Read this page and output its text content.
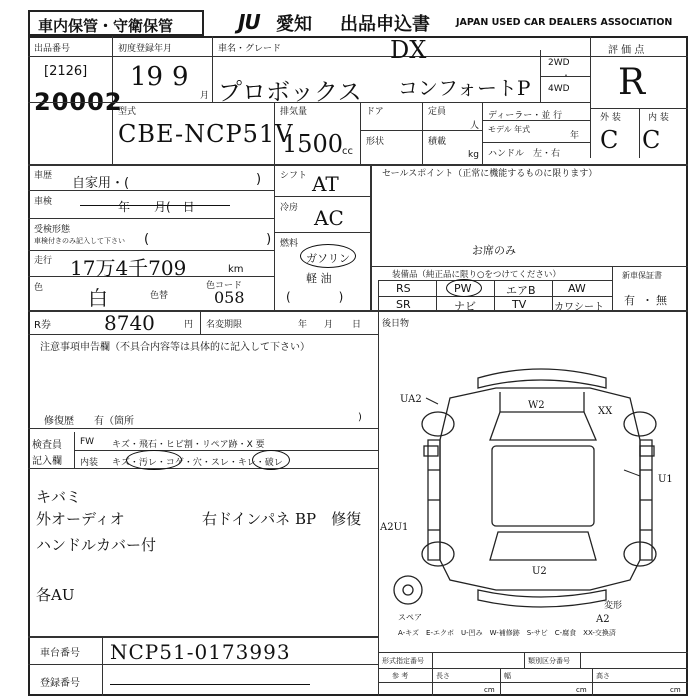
車内保管・守衛保管	JU 愛知 出品申込書	JAPAN USED CAR DEALERS ASSOCIATION
出品番号
[2126]
20002
初度登録年月
19 9
月
車名・グレード
プロボックス
DX
コンフォートP
2WD
・
4WD
評 価 点
R
型式
CBE-NCP51V
排気量
1500
cc
ドア
形状
定員
人
積載
kg
ディーラー・並 行
モデル 年式
年
ハンドル　左・右
外 装	内 装
C C
車歴 自家用・(	)
車検	年　　月(　日
受検形態
車検付きのみ記入して下さい (　　　　　　　　　)
走行 17万4千709	km
色 白	色替
色コード
058
シフト AT
冷房 AC
燃料
ガソリン
軽 油
(　　　　)
セールスポイント（正常に機能するものに限ります）
装備品（純正品に限り○をつけてください）
お席のみ
RS	PW	エアB	AW
SR	ナビ	TV	カワシート
新車保証書
有 ・ 無
R券	8740	円 名変期限	年 月 日 後日物
注意事項申告欄（不具合内容等は具体的に記入して下さい）
修復歴　　有（箇所	)
検査員
記入欄
FW キズ・飛石・ヒビ割・リペア跡・X 要
内装 キズ・汚レ・コゲ・穴・スレ・キレ・破レ
キバミ
外オーディオ
ハンドルカバー付
右ドインパネ BP　修復
各AU
UA2
W2
XX
U1
A2U1
U2
スペア	A2
変形
A-キズ　E-エクボ　U-凹み　W-補修跡　S-サビ　C-腐食　XX-交換済
車台番号 NCP51-0173993
登録番号
形式指定番号	類別区分番号
参 考	長さ	幅	高さ
cm	cm	cm
